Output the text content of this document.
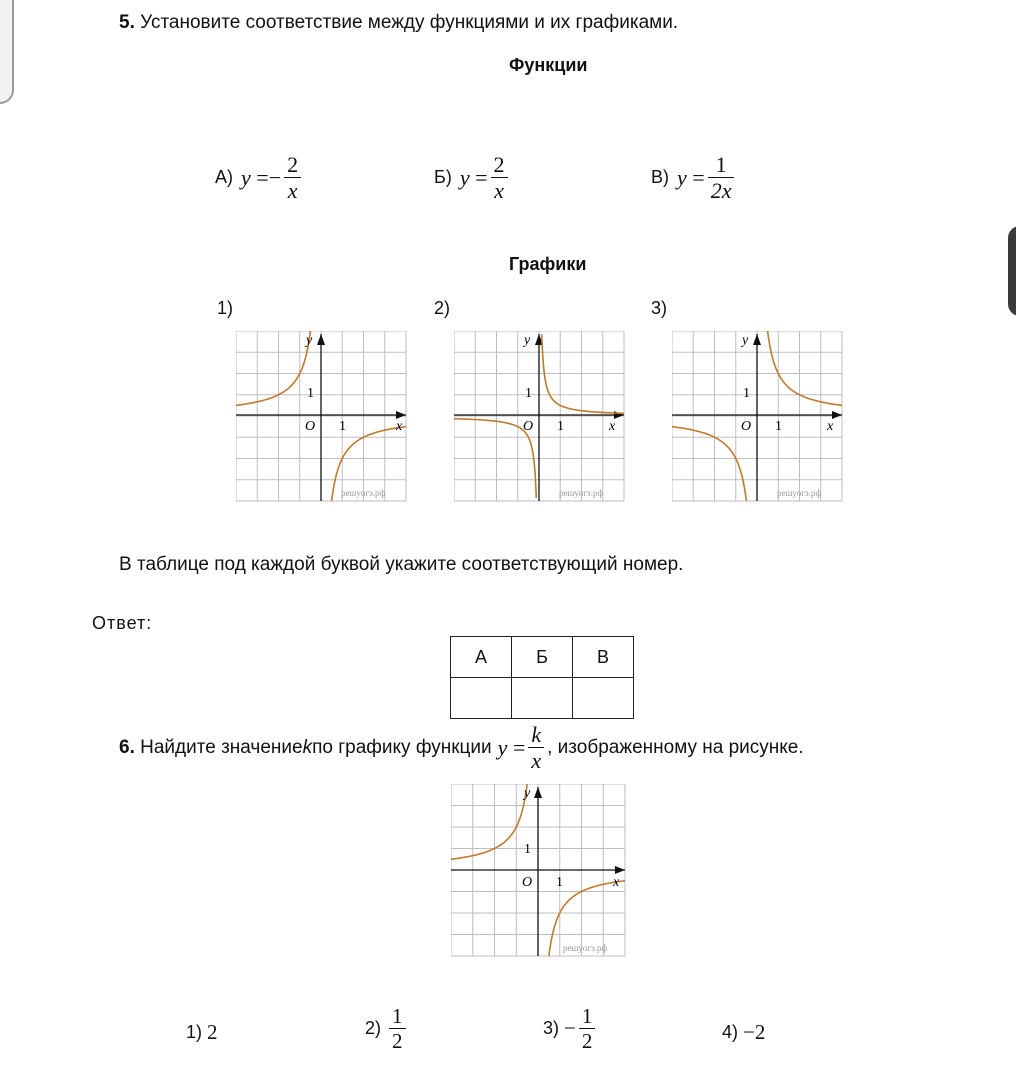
5. Установите соответствие между функциями и их графиками.
Функции
А) $y =- \frac{2}{x}$	Б) $y = \frac{2}{x}$	В) $y = \frac{1}{2x}$
Графики
1)	2)	3)
y
x
O 1
1
решуогэ.рф
y
x
O 1
1
решуогэ.рф
y
x
O 1
1
решуогэ.рф
В таблице под каждой буквой укажите соответствующий номер.
Ответ:
А	Б	В

6.
Найдите значение k по графику функции $y = \frac{k}{x}$ , изображенному на рисунке.
y
x
O 1
1
решуогэ.рф
1)
2	2)
$\frac{1}{2}$	3)
− $\frac{1}{2}$	4)
− 2
